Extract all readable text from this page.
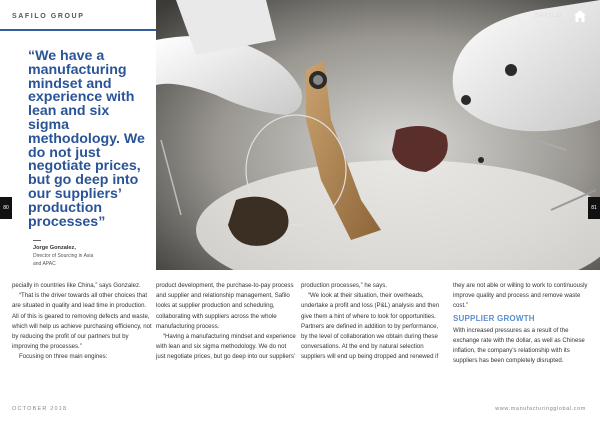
SAFILO GROUP
“We have a manufacturing mindset and experience with lean and six sigma methodology. We do not just negotiate prices, but go deep into our suppliers’ production processes”
Jorge Gonzalez,
Director of Sourcing in Asia and APAC
SAFILO
80	81

pecially in countries like China,” says Gonzalez.

“That is the driver towards all other choices that are situated in quality and lead time in production. All of this is geared to removing defects and waste, which will help us achieve purchasing efficiency, not by reducing the profit of our partners but by improving the processes.”

Focusing on three main engines:

product development, the purchase-to-pay process and supplier and relationship management, Safilo looks at supplier production and scheduling, collaborating with suppliers across the whole manufacturing process.

“Having a manufacturing mindset and experience with lean and six sigma methodology. We do not just negotiate prices, but go deep into our suppliers’

production processes,” he says.

“We look at their situation, their overheads, undertake a profit and loss (P&L) analysis and then give them a hint of where to look for opportunities. Partners are defined in addition to by performance, by the level of collaboration we obtain during these conversations. At the end by natural selection suppliers will end up being dropped and renewed if

they are not able or willing to work to continuously improve quality and process and remove waste cost.”

SUPPLIER GROWTH

With increased pressures as a result of the exchange rate with the dollar, as well as Chinese inflation, the company’s relationship with its suppliers has been completely disrupted.

OCTOBER 2018	www.manufacturingglobal.com
